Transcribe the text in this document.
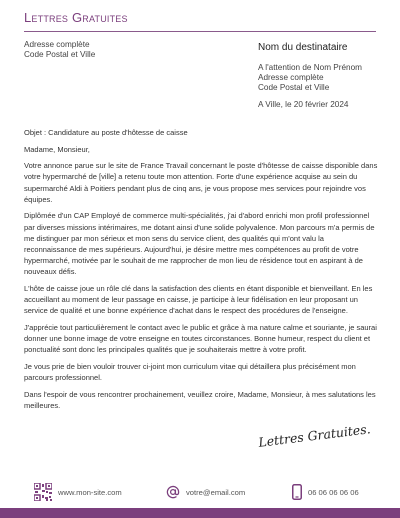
Lettres Gratuites
Adresse complète
Code Postal et Ville
Nom du destinataire
A l'attention de Nom Prénom
Adresse complète
Code Postal et Ville
A Ville, le 20 février 2024

Objet : Candidature au poste d'hôtesse de caisse

Madame, Monsieur,

Votre annonce parue sur le site de France Travail concernant le poste d'hôtesse de caisse disponible dans votre hypermarché de [ville] a retenu toute mon attention. Forte d'une expérience acquise au sein du supermarché Aldi à Poitiers pendant plus de cinq ans, je vous propose mes services pour rejoindre vos équipes.

Diplômée d'un CAP Employé de commerce multi-spécialités, j'ai d'abord enrichi mon profil professionnel par diverses missions intérimaires, me dotant ainsi d'une solide polyvalence. Mon parcours m'a permis de me distinguer par mon sérieux et mon sens du service client, des qualités qui m'ont valu la reconnaissance de mes supérieurs. Aujourd'hui, je désire mettre mes compétences au profit de votre hypermarché, motivée par le souhait de me rapprocher de mon lieu de résidence tout en aspirant à de nouveaux défis.

L'hôte de caisse joue un rôle clé dans la satisfaction des clients en étant disponible et bienveillant. En les accueillant au moment de leur passage en caisse, je participe à leur fidélisation en leur proposant un service de qualité et une bonne expérience d'achat dans le respect des procédures de l'enseigne.

J'apprécie tout particulièrement le contact avec le public et grâce à ma nature calme et souriante, je saurai donner une bonne image de votre enseigne en toutes circonstances. Bonne humeur, respect du client et ponctualité sont donc les principales qualités que je souhaiterais mettre à votre profit.

Je vous prie de bien vouloir trouver ci-joint mon curriculum vitae qui détaillera plus précisément mon parcours professionnel.

Dans l'espoir de vous rencontrer prochainement, veuillez croire, Madame, Monsieur, à mes salutations les meilleures.

Lettres Gratuites.
www.mon-site.com	votre@email.com	06 06 06 06 06
